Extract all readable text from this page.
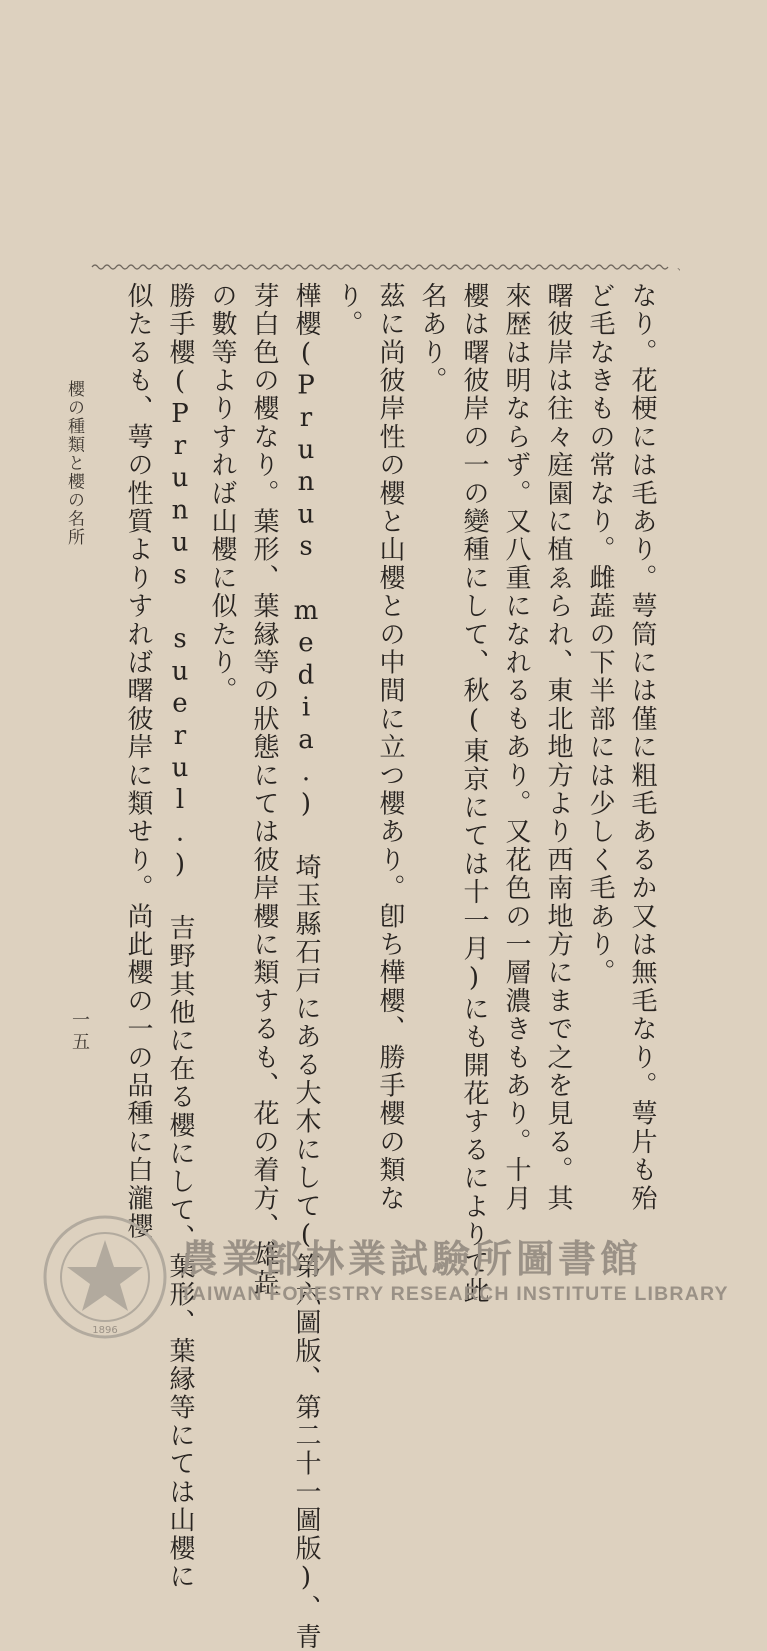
、
なり。花梗には毛あり。萼筒には僅に粗毛あるか又は無毛なり。萼片も殆
ど毛なきもの常なり。雌蕋の下半部には少しく毛あり。
曙彼岸は往々庭園に植ゑられ、東北地方より西南地方にまで之を見る。其
來歴は明ならず。又八重になれるもあり。又花色の一層濃きもあり。十月
櫻は曙彼岸の一の變種にして、秋(東京にては十一月)にも開花するによりて此
名あり。
茲に尚彼岸性の櫻と山櫻との中間に立つ櫻あり。卽ち樺櫻、勝手櫻の類な
り。
樺櫻(Prunus media.) 埼玉縣石戸にある大木にして(第六圖版、第二十一圖版)、青
芽白色の櫻なり。葉形、葉縁等の狀態にては彼岸櫻に類するも、花の着方、雄蕋
の數等よりすれば山櫻に似たり。
勝手櫻(Prunus suerul.) 吉野其他に在る櫻にして、葉形、葉縁等にては山櫻に
似たるも、萼の性質よりすれば曙彼岸に類せり。尚此櫻の一の品種に白瀧櫻
櫻の種類と櫻の名所
一五
1896
農業部林業試驗所圖書館
TAIWAN FORESTRY RESEARCH INSTITUTE LIBRARY
